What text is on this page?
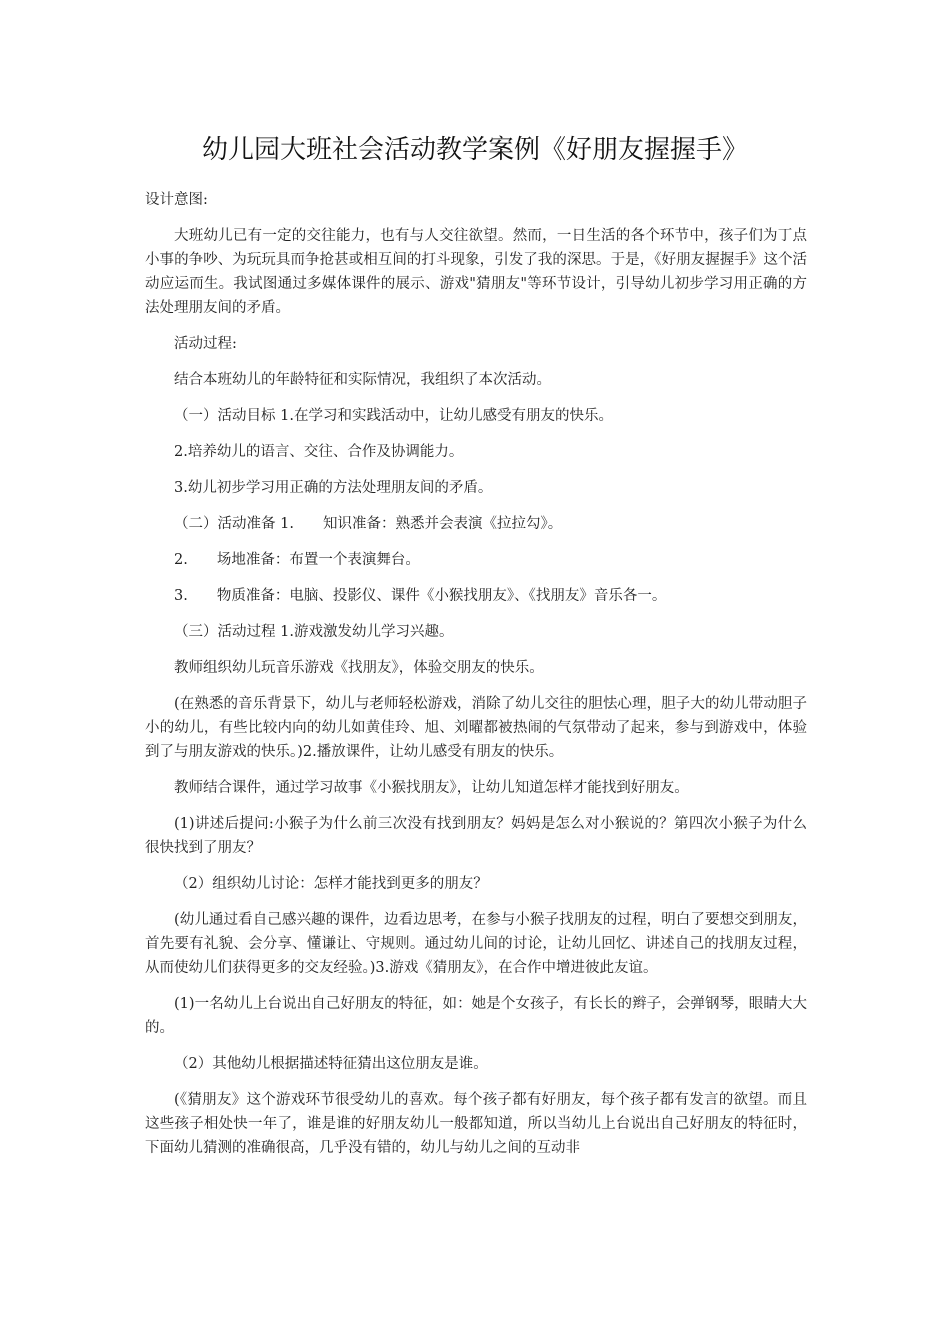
幼儿园大班社会活动教学案例《好朋友握握手》

设计意图:

大班幼儿已有一定的交往能力，也有与人交往欲望。然而，一日生活的各个环节中，孩子们为丁点小事的争吵、为玩玩具而争抢甚或相互间的打斗现象，引发了我的深思。于是，《好朋友握握手》这个活动应运而生。我试图通过多媒体课件的展示、游戏"猜朋友"等环节设计，引导幼儿初步学习用正确的方法处理朋友间的矛盾。

活动过程:

结合本班幼儿的年龄特征和实际情况，我组织了本次活动。

（一）活动目标 1.在学习和实践活动中，让幼儿感受有朋友的快乐。

2.培养幼儿的语言、交往、合作及协调能力。

3.幼儿初步学习用正确的方法处理朋友间的矛盾。

（二）活动准备 1.　　知识准备：熟悉并会表演《拉拉勾》。

2.　　场地准备：布置一个表演舞台。

3.　　物质准备：电脑、投影仪、课件《小猴找朋友》、《找朋友》音乐各一。

（三）活动过程 1.游戏激发幼儿学习兴趣。

教师组织幼儿玩音乐游戏《找朋友》，体验交朋友的快乐。

(在熟悉的音乐背景下，幼儿与老师轻松游戏，消除了幼儿交往的胆怯心理，胆子大的幼儿带动胆子小的幼儿，有些比较内向的幼儿如黄佳玲、旭、刘曜都被热闹的气氛带动了起来，参与到游戏中，体验到了与朋友游戏的快乐。)2.播放课件，让幼儿感受有朋友的快乐。

教师结合课件，通过学习故事《小猴找朋友》，让幼儿知道怎样才能找到好朋友。

(1)讲述后提问:小猴子为什么前三次没有找到朋友？妈妈是怎么对小猴说的？第四次小猴子为什么很快找到了朋友？

（2）组织幼儿讨论：怎样才能找到更多的朋友？

(幼儿通过看自己感兴趣的课件，边看边思考，在参与小猴子找朋友的过程，明白了要想交到朋友，首先要有礼貌、会分享、懂谦让、守规则。通过幼儿间的讨论，让幼儿回忆、讲述自己的找朋友过程，从而使幼儿们获得更多的交友经验。)3.游戏《猜朋友》，在合作中增进彼此友谊。

(1)一名幼儿上台说出自己好朋友的特征，如：她是个女孩子，有长长的辫子，会弹钢琴，眼睛大大的。

（2）其他幼儿根据描述特征猜出这位朋友是谁。

(《猜朋友》这个游戏环节很受幼儿的喜欢。每个孩子都有好朋友，每个孩子都有发言的欲望。而且这些孩子相处快一年了，谁是谁的好朋友幼儿一般都知道，所以当幼儿上台说出自己好朋友的特征时，下面幼儿猜测的准确很高，几乎没有错的，幼儿与幼儿之间的互动非
